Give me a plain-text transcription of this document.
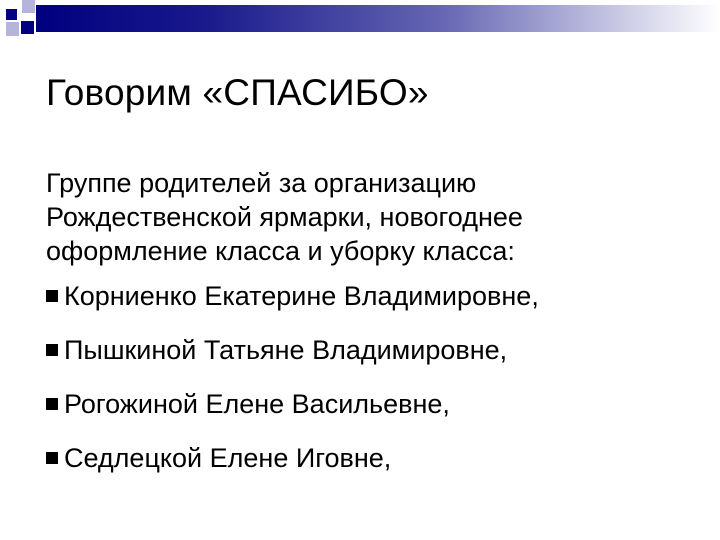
Говорим «СПАСИБО»

Группе родителей за организацию Рождественской ярмарки, новогоднее оформление класса и уборку класса:

Корниенко Екатерине Владимировне,
Пышкиной Татьяне Владимировне,
Рогожиной Елене Васильевне,
Седлецкой Елене Иговне,
